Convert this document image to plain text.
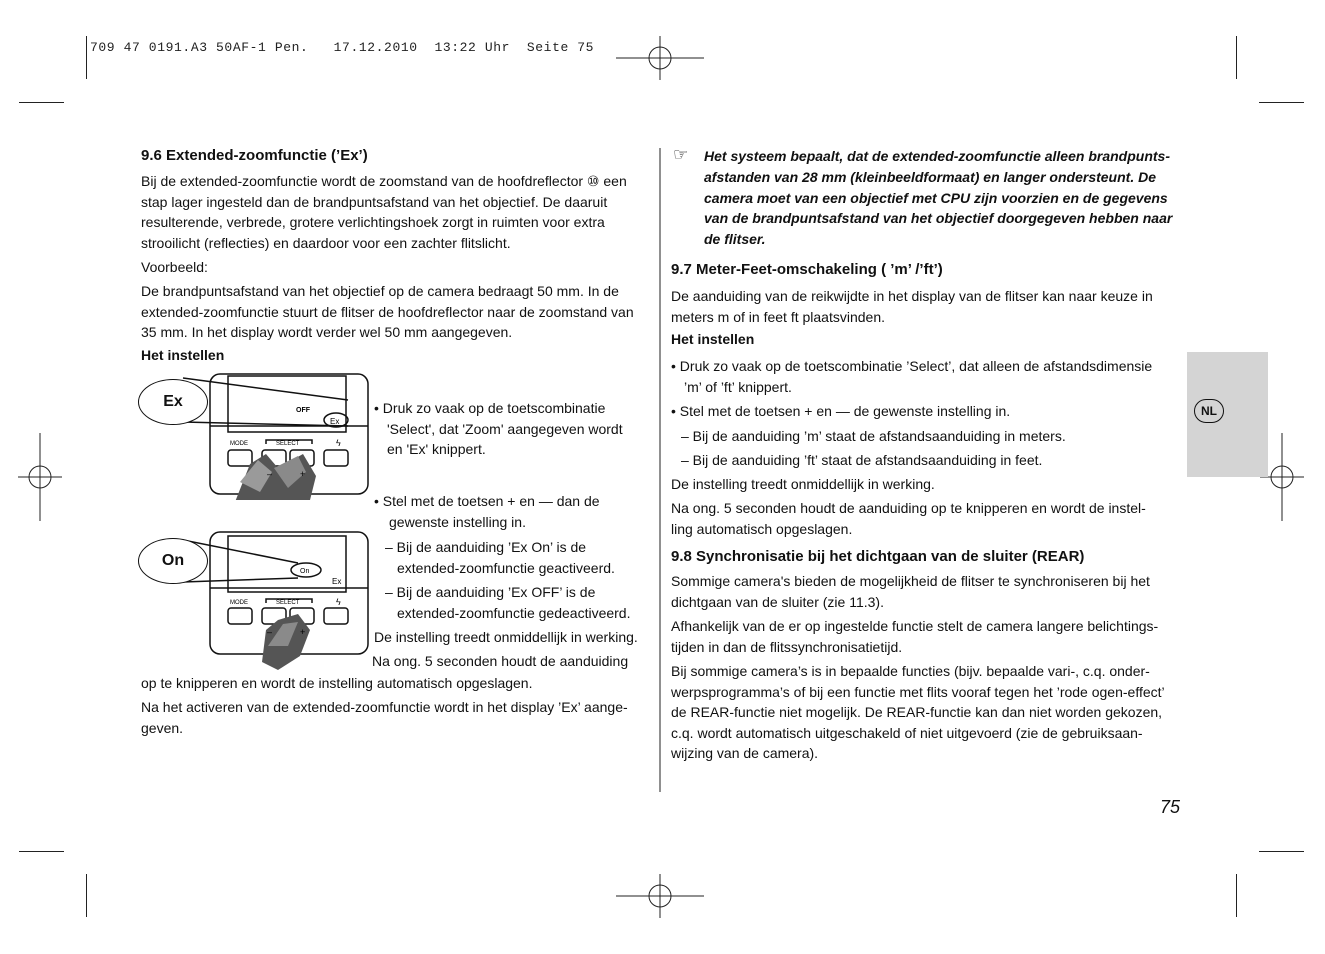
709 47 0191.A3 50AF-1 Pen.   17.12.2010  13:22 Uhr  Seite 75
NL
9.6 Extended-zoomfunctie (’Ex’)
Bij de extended-zoomfunctie wordt de zoomstand van de hoofdreflector ⑩ een
stap lager ingesteld dan de brandpuntsafstand van het objectief. De daaruit
resulterende, verbrede, grotere verlichtingshoek zorgt in ruimten voor extra
strooilicht (reflecties) en daardoor voor een zachter flitslicht.
Voorbeeld:
De brandpuntsafstand van het objectief op de camera bedraagt 50 mm. In de
extended-zoomfunctie stuurt de flitser de hoofdreflector naar de zoomstand van
35 mm. In het display wordt verder wel 50 mm aangegeven.
Het instellen
OFF
Ex
MODE	SELECT	ϟ
–	+
Ex	• Druk zo vaak op de toetscombinatie
'Select', dat 'Zoom' aangegeven wordt
en 'Ex' knippert.
• Stel met de toetsen + en — dan de
gewenste instelling in.
– Bij de aanduiding ’Ex On’ is de
extended-zoomfunctie geactiveerd.
– Bij de aanduiding ’Ex OFF’ is de
extended-zoomfunctie gedeactiveerd.
De instelling treedt onmiddellijk in werking.
Na ong. 5 seconden houdt de aanduiding
On
Ex
MODE	SELECT	ϟ
–	+
On
op te knipperen en wordt de instelling automatisch opgeslagen.
Na het activeren van de extended-zoomfunctie wordt in het display ’Ex’ aange-
geven.
☞ Het systeem bepaalt, dat de extended-zoomfunctie alleen brandpunts-
afstanden van 28 mm (kleinbeeldformaat) en langer ondersteunt. De
camera moet van een objectief met CPU zijn voorzien en de gegevens
van de brandpuntsafstand van het objectief doorgegeven hebben naar
de flitser.
9.7 Meter-Feet-omschakeling ( ’m’ /’ft’)
De aanduiding van de reikwijdte in het display van de flitser kan naar keuze in
meters m of in feet ft plaatsvinden.
Het instellen
• Druk zo vaak op de toetscombinatie ’Select’, dat alleen de afstandsdimensie
’m’ of ’ft’ knippert.
• Stel met de toetsen + en — de gewenste instelling in.
– Bij de aanduiding ’m’ staat de afstandsaanduiding in meters.
– Bij de aanduiding ’ft’ staat de afstandsaanduiding in feet.
De instelling treedt onmiddellijk in werking.
Na ong. 5 seconden houdt de aanduiding op te knipperen en wordt de instel-
ling automatisch opgeslagen.
9.8 Synchronisatie bij het dichtgaan van de sluiter (REAR)
Sommige camera's bieden de mogelijkheid de flitser te synchroniseren bij het
dichtgaan van de sluiter (zie 11.3).
Afhankelijk van de er op ingestelde functie stelt de camera langere belichtings-
tijden in dan de flitssynchronisatietijd.
Bij sommige camera’s is in bepaalde functies (bijv. bepaalde vari-, c.q. onder-
werpsprogramma’s of bij een functie met flits vooraf tegen het ’rode ogen-effect’
de REAR-functie niet mogelijk. De REAR-functie kan dan niet worden gekozen,
c.q. wordt automatisch uitgeschakeld of niet uitgevoerd (zie de gebruiksaan-
wijzing van de camera).
75
